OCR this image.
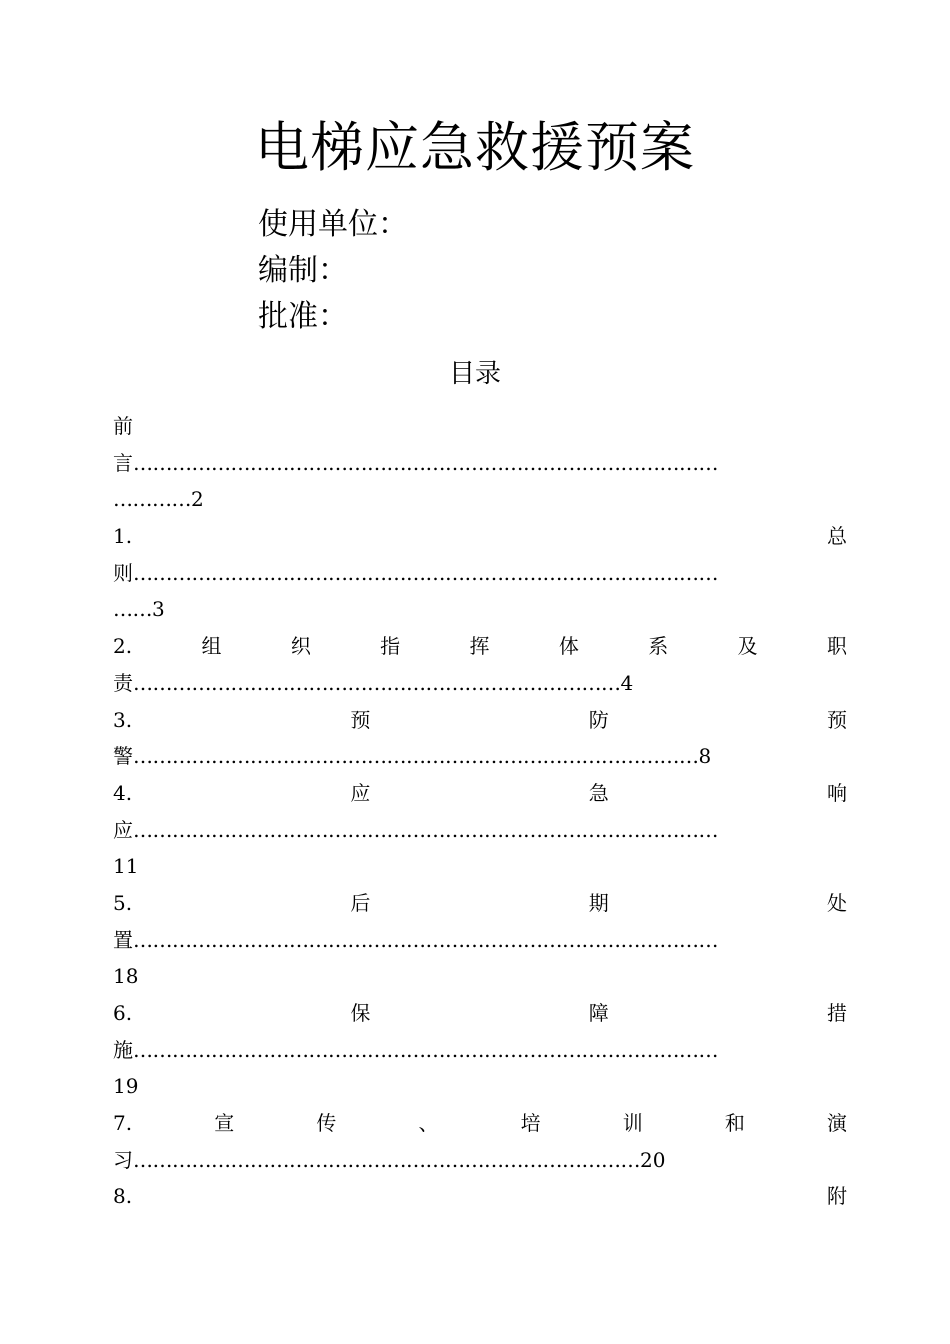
电梯应急救援预案
使用单位：
编制：
批准：
目录
前
言………………………………………………………………………………
…………2
1.	总
则………………………………………………………………………………
……3
2.	组	织	指	挥	体	系	及	职
责…………………………………………………………………4
3.	预	防	预
警……………………………………………………………………………8
4.	应	急	响
应………………………………………………………………………………
11
5.	后	期	处
置………………………………………………………………………………
18
6.	保	障	措
施………………………………………………………………………………
19
7.	宣	传	、	培	训	和	演
习……………………………………………………………………20
8.	附
